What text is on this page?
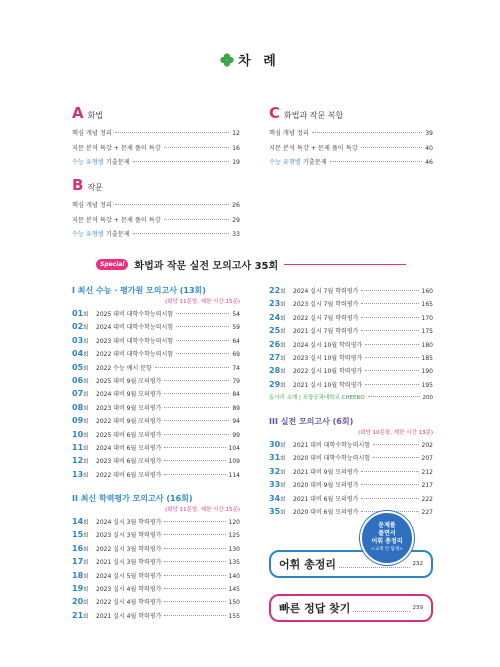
차 례
A 화법
핵심 개념 정리	12
지문 분석 특강 + 문제 풀이 특강	16
수능 유형별 기출문제	19
B 작문
핵심 개념 정리	26
지문 분석 특강 + 문제 풀이 특강	29
수능 유형별 기출문제	33
C 화법과 작문 복합
핵심 개념 정리	39
지문 분석 특강 + 문제 풀이 특강	40
수능 유형별 기출문제	46
Special	화법과 작문 실전 모의고사 35회
I 최신 수능 · 평가원 모의고사 (13회)
(회당 11문항, 제한 시간 15분)
01회	2025 대비 대학수학능력시험	54
02회	2024 대비 대학수학능력시험	59
03회	2023 대비 대학수학능력시험	64
04회	2022 대비 대학수학능력시험	69
05회	2022 수능 예시 문항	74
06회	2025 대비 9월 모의평가	79
07회	2024 대비 9월 모의평가	84
08회	2023 대비 9월 모의평가	89
09회	2022 대비 9월 모의평가	94
10회	2025 대비 6월 모의평가	99
11회	2024 대비 6월 모의평가	104
12회	2023 대비 6월 모의평가	109
13회	2022 대비 6월 모의평가	114
II 최신 학력평가 모의고사 (16회)
(회당 11문항, 제한 시간 15분)
14회	2024 실시 3월 학력평가	120
15회	2023 실시 3월 학력평가	125
16회	2022 실시 3월 학력평가	130
17회	2021 실시 3월 학력평가	135
18회	2024 실시 5월 학력평가	140
19회	2023 실시 4월 학력평가	145
20회	2022 실시 4월 학력평가	150
21회	2021 실시 4월 학력평가	155
22회	2024 실시 7월 학력평가	160
23회	2023 실시 7월 학력평가	165
24회	2022 실시 7월 학력평가	170
25회	2021 실시 7월 학력평가	175
26회	2024 실시 10월 학력평가	180
27회	2023 실시 10월 학력평가	185
28회	2022 실시 10월 학력평가	190
29회	2021 실시 10월 학력평가	195
동아리 소개 | 포항공과대학교 CHEERO	200
III 실전 모의고사 (6회)
(회당 10문항, 제한 시간 13분)
30회	2021 대비 대학수학능력시험	202
31회	2020 대비 대학수학능력시험	207
32회	2021 대비 9월 모의평가	212
33회	2020 대비 9월 모의평가	217
34회	2021 대비 6월 모의평가	222
35회	2020 대비 6월 모의평가	227
어휘 총정리	232
문제를
풀면서
어휘 총정리
<교재 안 탑재>
빠른 정답 찾기	239
